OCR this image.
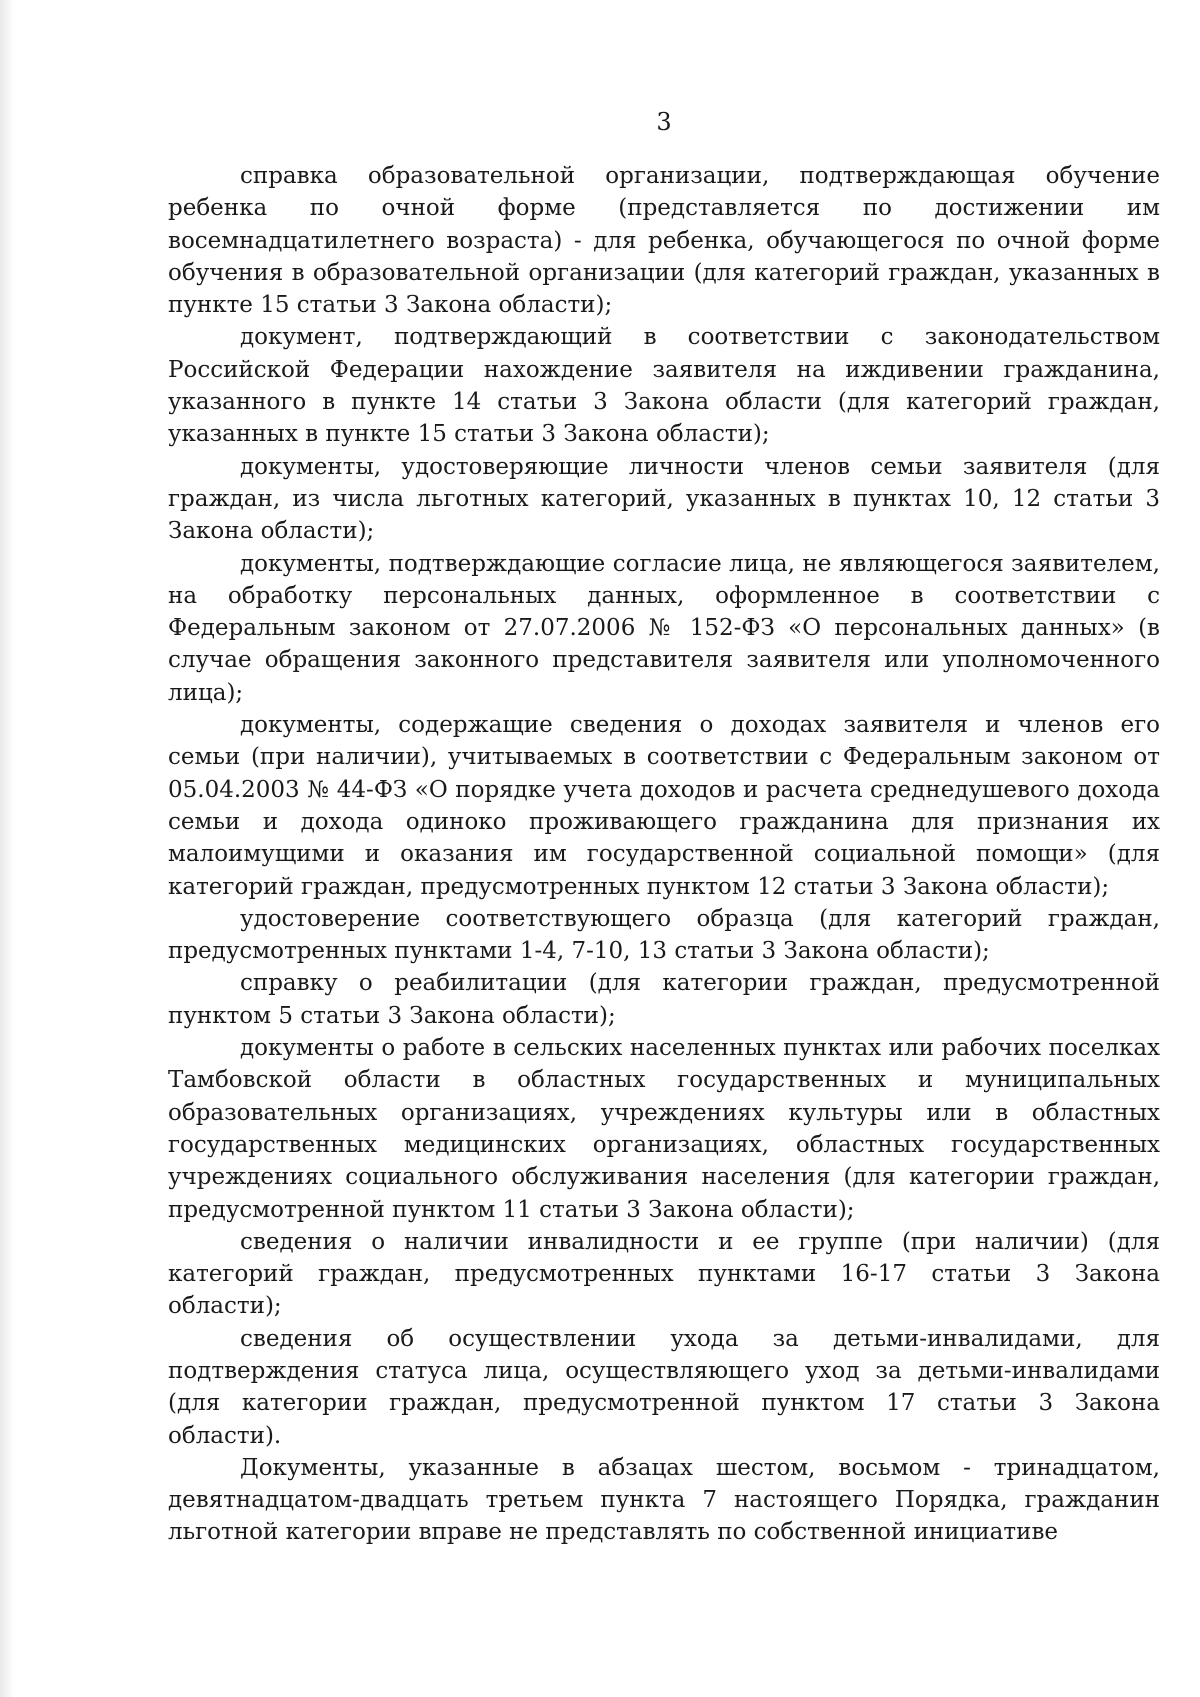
3

справка образовательной организации, подтверждающая обучение ребенка по очной форме (представляется по достижении им восемнадцатилетнего возраста) - для ребенка, обучающегося по очной форме обучения в образовательной организации (для категорий граждан, указанных в пункте 15 статьи 3 Закона области);

документ, подтверждающий в соответствии с законодательством Российской Федерации нахождение заявителя на иждивении гражданина, указанного в пункте 14 статьи 3 Закона области (для категорий граждан, указанных в пункте 15 статьи 3 Закона области);

документы, удостоверяющие личности членов семьи заявителя (для граждан, из числа льготных категорий, указанных в пунктах 10, 12 статьи 3 Закона области);

документы, подтверждающие согласие лица, не являющегося заявителем, на обработку персональных данных, оформленное в соответствии с Федеральным законом от 27.07.2006 № 152-ФЗ «О персональных данных» (в случае обращения законного представителя заявителя или уполномоченного лица);

документы, содержащие сведения о доходах заявителя и членов его семьи (при наличии), учитываемых в соответствии с Федеральным законом от 05.04.2003 № 44-ФЗ «О порядке учета доходов и расчета среднедушевого дохода семьи и дохода одиноко проживающего гражданина для признания их малоимущими и оказания им государственной социальной помощи» (для категорий граждан, предусмотренных пунктом 12 статьи 3 Закона области);

удостоверение соответствующего образца (для категорий граждан, предусмотренных пунктами 1-4, 7-10, 13 статьи 3 Закона области);

справку о реабилитации (для категории граждан, предусмотренной пунктом 5 статьи 3 Закона области);

документы о работе в сельских населенных пунктах или рабочих поселках Тамбовской области в областных государственных и муниципальных образовательных организациях, учреждениях культуры или в областных государственных медицинских организациях, областных государственных учреждениях социального обслуживания населения (для категории граждан, предусмотренной пунктом 11 статьи 3 Закона области);

сведения о наличии инвалидности и ее группе (при наличии) (для категорий граждан, предусмотренных пунктами 16-17 статьи 3 Закона области);

сведения об осуществлении ухода за детьми-инвалидами, для подтверждения статуса лица, осуществляющего уход за детьми-инвалидами (для категории граждан, предусмотренной пунктом 17 статьи 3 Закона области).

Документы, указанные в абзацах шестом, восьмом - тринадцатом, девятнадцатом-двадцать третьем пункта 7 настоящего Порядка, гражданин льготной категории вправе не представлять по собственной инициативе
